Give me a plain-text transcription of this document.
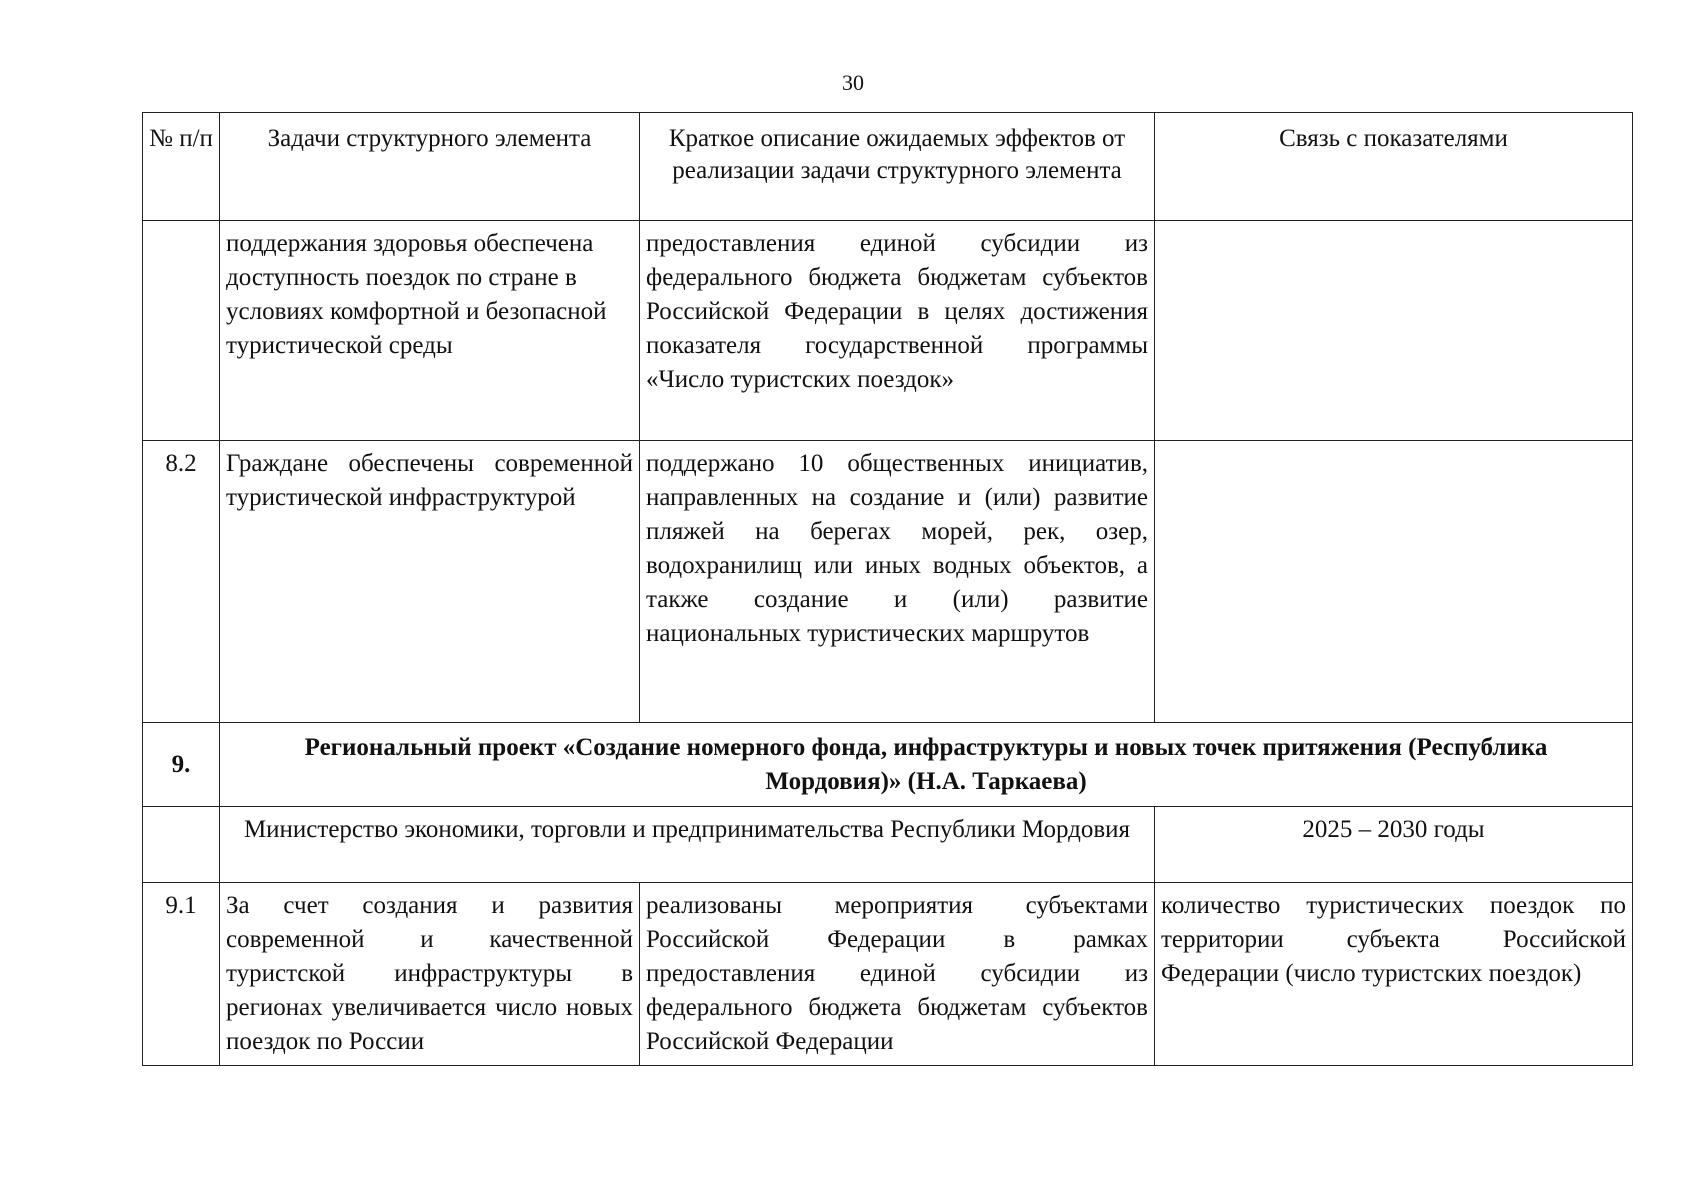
30
№ п/п	Задачи структурного элемента	Краткое описание ожидаемых эффектов от реализации задачи структурного элемента	Связь с показателями
	поддержания здоровья обеспечена доступность поездок по стране в условиях комфортной и безопасной туристической среды	предоставления единой субсидии из федерального бюджета бюджетам субъектов Российской Федерации в целях достижения показателя государственной программы «Число туристских поездок»	
8.2	Граждане обеспечены современной туристической инфраструктурой	поддержано 10 общественных инициатив, направленных на создание и (или) развитие пляжей на берегах морей, рек, озер, водохранилищ или иных водных объектов, а также создание и (или) развитие национальных туристических маршрутов	
9.	Региональный проект «Создание номерного фонда, инфраструктуры и новых точек притяжения (Республика Мордовия)» (Н.А. Таркаева)		
	Министерство экономики, торговли и предпринимательства Республики Мордовия		2025 – 2030 годы
9.1	За счет создания и развития современной и качественной туристской инфраструктуры в регионах увеличивается число новых поездок по России	реализованы мероприятия субъектами Российской Федерации в рамках предоставления единой субсидии из федерального бюджета бюджетам субъектов Российской Федерации	количество туристических поездок по территории субъекта Российской Федерации (число туристских поездок)
